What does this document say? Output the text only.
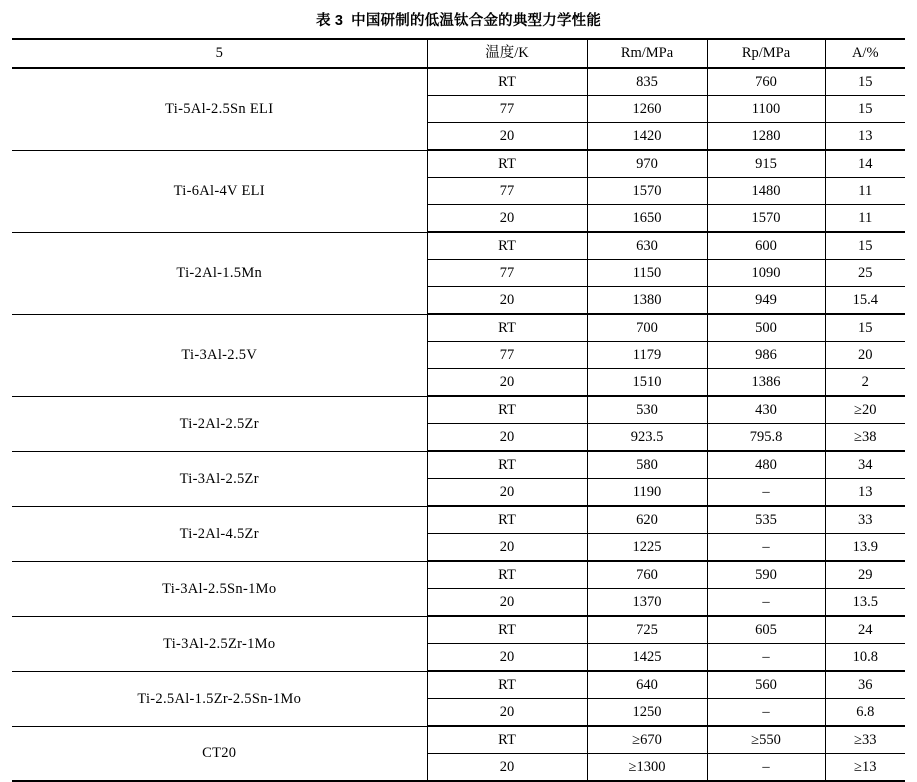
表 3 中国研制的低温钛合金的典型力学性能
5	温度/K	Rm/MPa	Rp/MPa	A/%
Ti-5Al-2.5Sn ELI	RT	835	760	15
	77	1260	1100	15
	20	1420	1280	13
Ti-6Al-4V ELI	RT	970	915	14
	77	1570	1480	11
	20	1650	1570	11
Ti-2Al-1.5Mn	RT	630	600	15
	77	1150	1090	25
	20	1380	949	15.4
Ti-3Al-2.5V	RT	700	500	15
	77	1179	986	20
	20	1510	1386	2
Ti-2Al-2.5Zr	RT	530	430	≥20
	20	923.5	795.8	≥38
Ti-3Al-2.5Zr	RT	580	480	34
	20	1190	–	13
Ti-2Al-4.5Zr	RT	620	535	33
	20	1225	–	13.9
Ti-3Al-2.5Sn-1Mo	RT	760	590	29
	20	1370	–	13.5
Ti-3Al-2.5Zr-1Mo	RT	725	605	24
	20	1425	–	10.8
Ti-2.5Al-1.5Zr-2.5Sn-1Mo	RT	640	560	36
	20	1250	–	6.8
CT20	RT	≥670	≥550	≥33
	20	≥1300	–	≥13
